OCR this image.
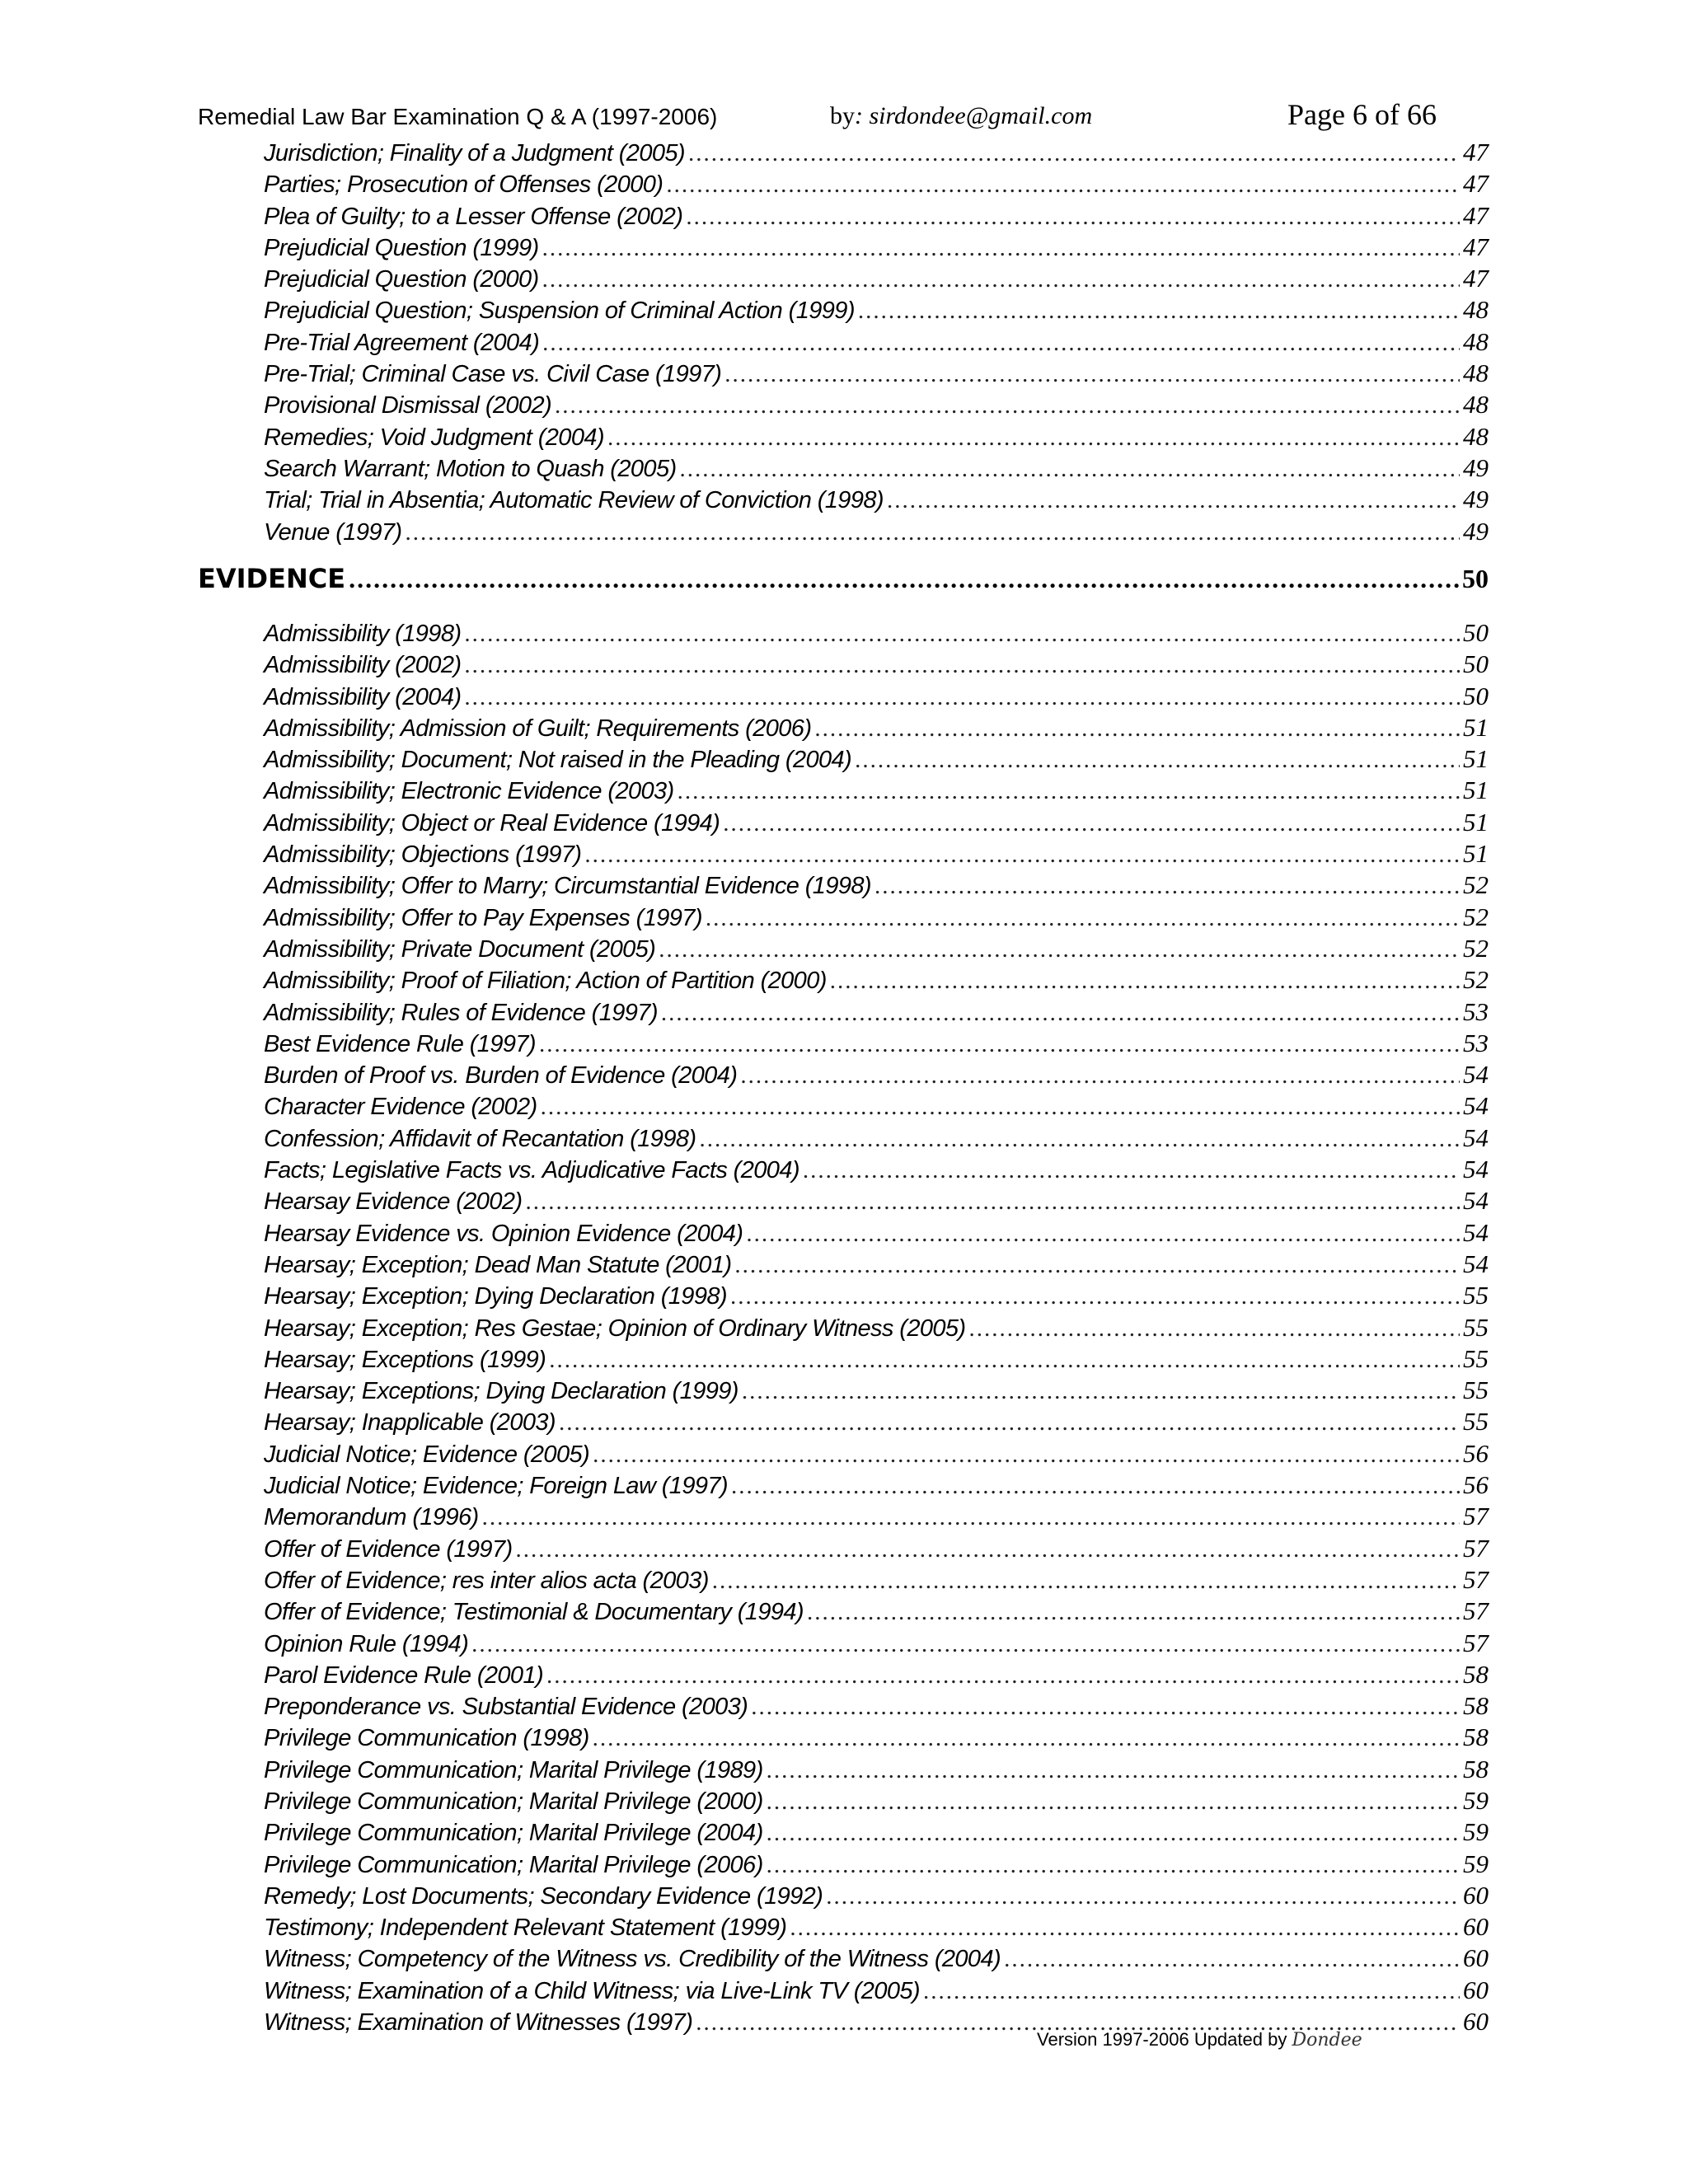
Remedial Law Bar Examination Q & A (1997-2006)	by: sirdondee@gmail.com	Page 6 of 66
Jurisdiction; Finality of a Judgment (2005) .....	47
Parties; Prosecution of Offenses (2000) .....	47
Plea of Guilty; to a Lesser Offense (2002) .....	47
Prejudicial Question (1999) .....	47
Prejudicial Question (2000) .....	47
Prejudicial Question; Suspension of Criminal Action (1999) .....	48
Pre-Trial Agreement (2004) .....	48
Pre-Trial; Criminal Case vs. Civil Case (1997) .....	48
Provisional Dismissal (2002) .....	48
Remedies; Void Judgment (2004) .....	48
Search Warrant; Motion to Quash (2005) .....	49
Trial; Trial in Absentia; Automatic Review of Conviction (1998) .....	49
Venue (1997) .....	49
EVIDENCE .....	50
Admissibility (1998) .....	50
Admissibility (2002) .....	50
Admissibility (2004) .....	50
Admissibility; Admission of Guilt; Requirements (2006) .....	51
Admissibility; Document; Not raised in the Pleading (2004) .....	51
Admissibility; Electronic Evidence (2003) .....	51
Admissibility; Object or Real Evidence (1994) .....	51
Admissibility; Objections (1997) .....	51
Admissibility; Offer to Marry; Circumstantial Evidence (1998) .....	52
Admissibility; Offer to Pay Expenses (1997) .....	52
Admissibility; Private Document (2005) .....	52
Admissibility; Proof of Filiation; Action of Partition (2000) .....	52
Admissibility; Rules of Evidence (1997) .....	53
Best Evidence Rule (1997) .....	53
Burden of Proof vs. Burden of Evidence (2004) .....	54
Character Evidence (2002) .....	54
Confession; Affidavit of Recantation (1998) .....	54
Facts; Legislative Facts vs. Adjudicative Facts (2004) .....	54
Hearsay Evidence (2002) .....	54
Hearsay Evidence vs. Opinion Evidence (2004) .....	54
Hearsay; Exception; Dead Man Statute (2001) .....	54
Hearsay; Exception; Dying Declaration (1998) .....	55
Hearsay; Exception; Res Gestae; Opinion of Ordinary Witness (2005) .....	55
Hearsay; Exceptions (1999) .....	55
Hearsay; Exceptions; Dying Declaration (1999) .....	55
Hearsay; Inapplicable (2003) .....	55
Judicial Notice; Evidence (2005) .....	56
Judicial Notice; Evidence; Foreign Law (1997) .....	56
Memorandum (1996) .....	57
Offer of Evidence (1997) .....	57
Offer of Evidence; res inter alios acta (2003) .....	57
Offer of Evidence; Testimonial & Documentary (1994) .....	57
Opinion Rule (1994) .....	57
Parol Evidence Rule (2001) .....	58
Preponderance vs. Substantial Evidence (2003) .....	58
Privilege Communication (1998) .....	58
Privilege Communication; Marital Privilege (1989) .....	58
Privilege Communication; Marital Privilege (2000) .....	59
Privilege Communication; Marital Privilege (2004) .....	59
Privilege Communication; Marital Privilege (2006) .....	59
Remedy; Lost Documents; Secondary Evidence (1992) .....	60
Testimony; Independent Relevant Statement (1999) .....	60
Witness; Competency of the Witness vs. Credibility of the Witness (2004) .....	60
Witness; Examination of a Child Witness; via Live-Link TV (2005) .....	60
Witness; Examination of Witnesses (1997) .....	60
Version 1997-2006 Updated by Dondee
